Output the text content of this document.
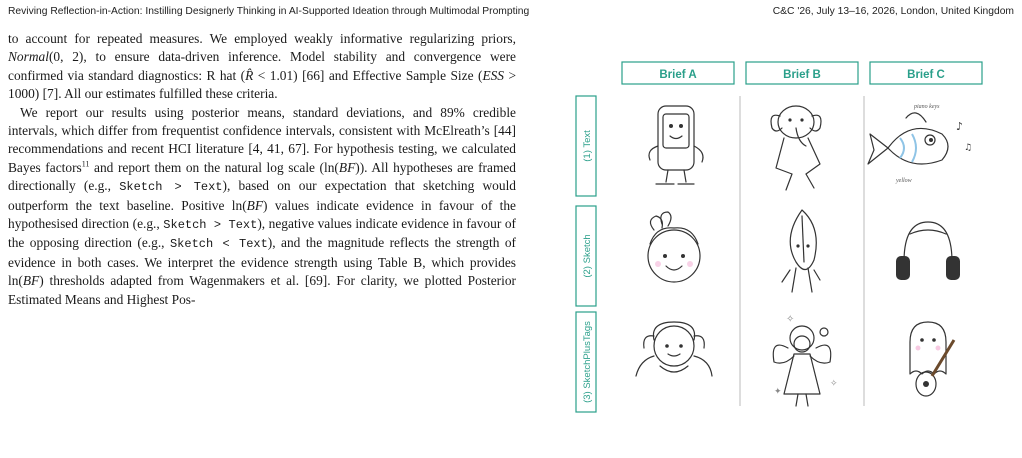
Reviving Reflection-in-Action: Instilling Designerly Thinking in AI-Supported Ideation through Multimodal Prompting	C&C '26, July 13–16, 2026, London, United Kingdom

to account for repeated measures. We employed weakly informative regularizing priors, Normal(0, 2), to ensure data-driven inference. Model stability and convergence were confirmed via standard diagnostics: R hat (R̂ < 1.01) [66] and Effective Sample Size (ESS > 1000) [7]. All our estimates fulfilled these criteria.

We report our results using posterior means, standard deviations, and 89% credible intervals, which differ from frequentist confidence intervals, consistent with McElreath’s [44] recommendations and recent HCI literature [4, 41, 67]. For hypothesis testing, we calculated Bayes factors$^{11}$ and report them on the natural log scale (ln(BF)). All hypotheses are framed directionally (e.g., Sketch > Text), based on our expectation that sketching would outperform the text baseline. Positive ln(BF) values indicate evidence in favour of the hypothesised direction (e.g., Sketch > Text), negative values indicate evidence in favour of the opposing direction (e.g., Sketch < Text), and the magnitude reflects the strength of evidence in both cases. We interpret the evidence strength using Table B, which provides ln(BF) thresholds adapted from Wagenmakers et al. [69]. For clarity, we plotted Posterior Estimated Means and Highest Pos-

Brief A	Brief B	Brief C
(1) Text
(2) Sketch
(3) SketchPlusTags
piano keys
♪
♫
yellow
✧
✦
✧
